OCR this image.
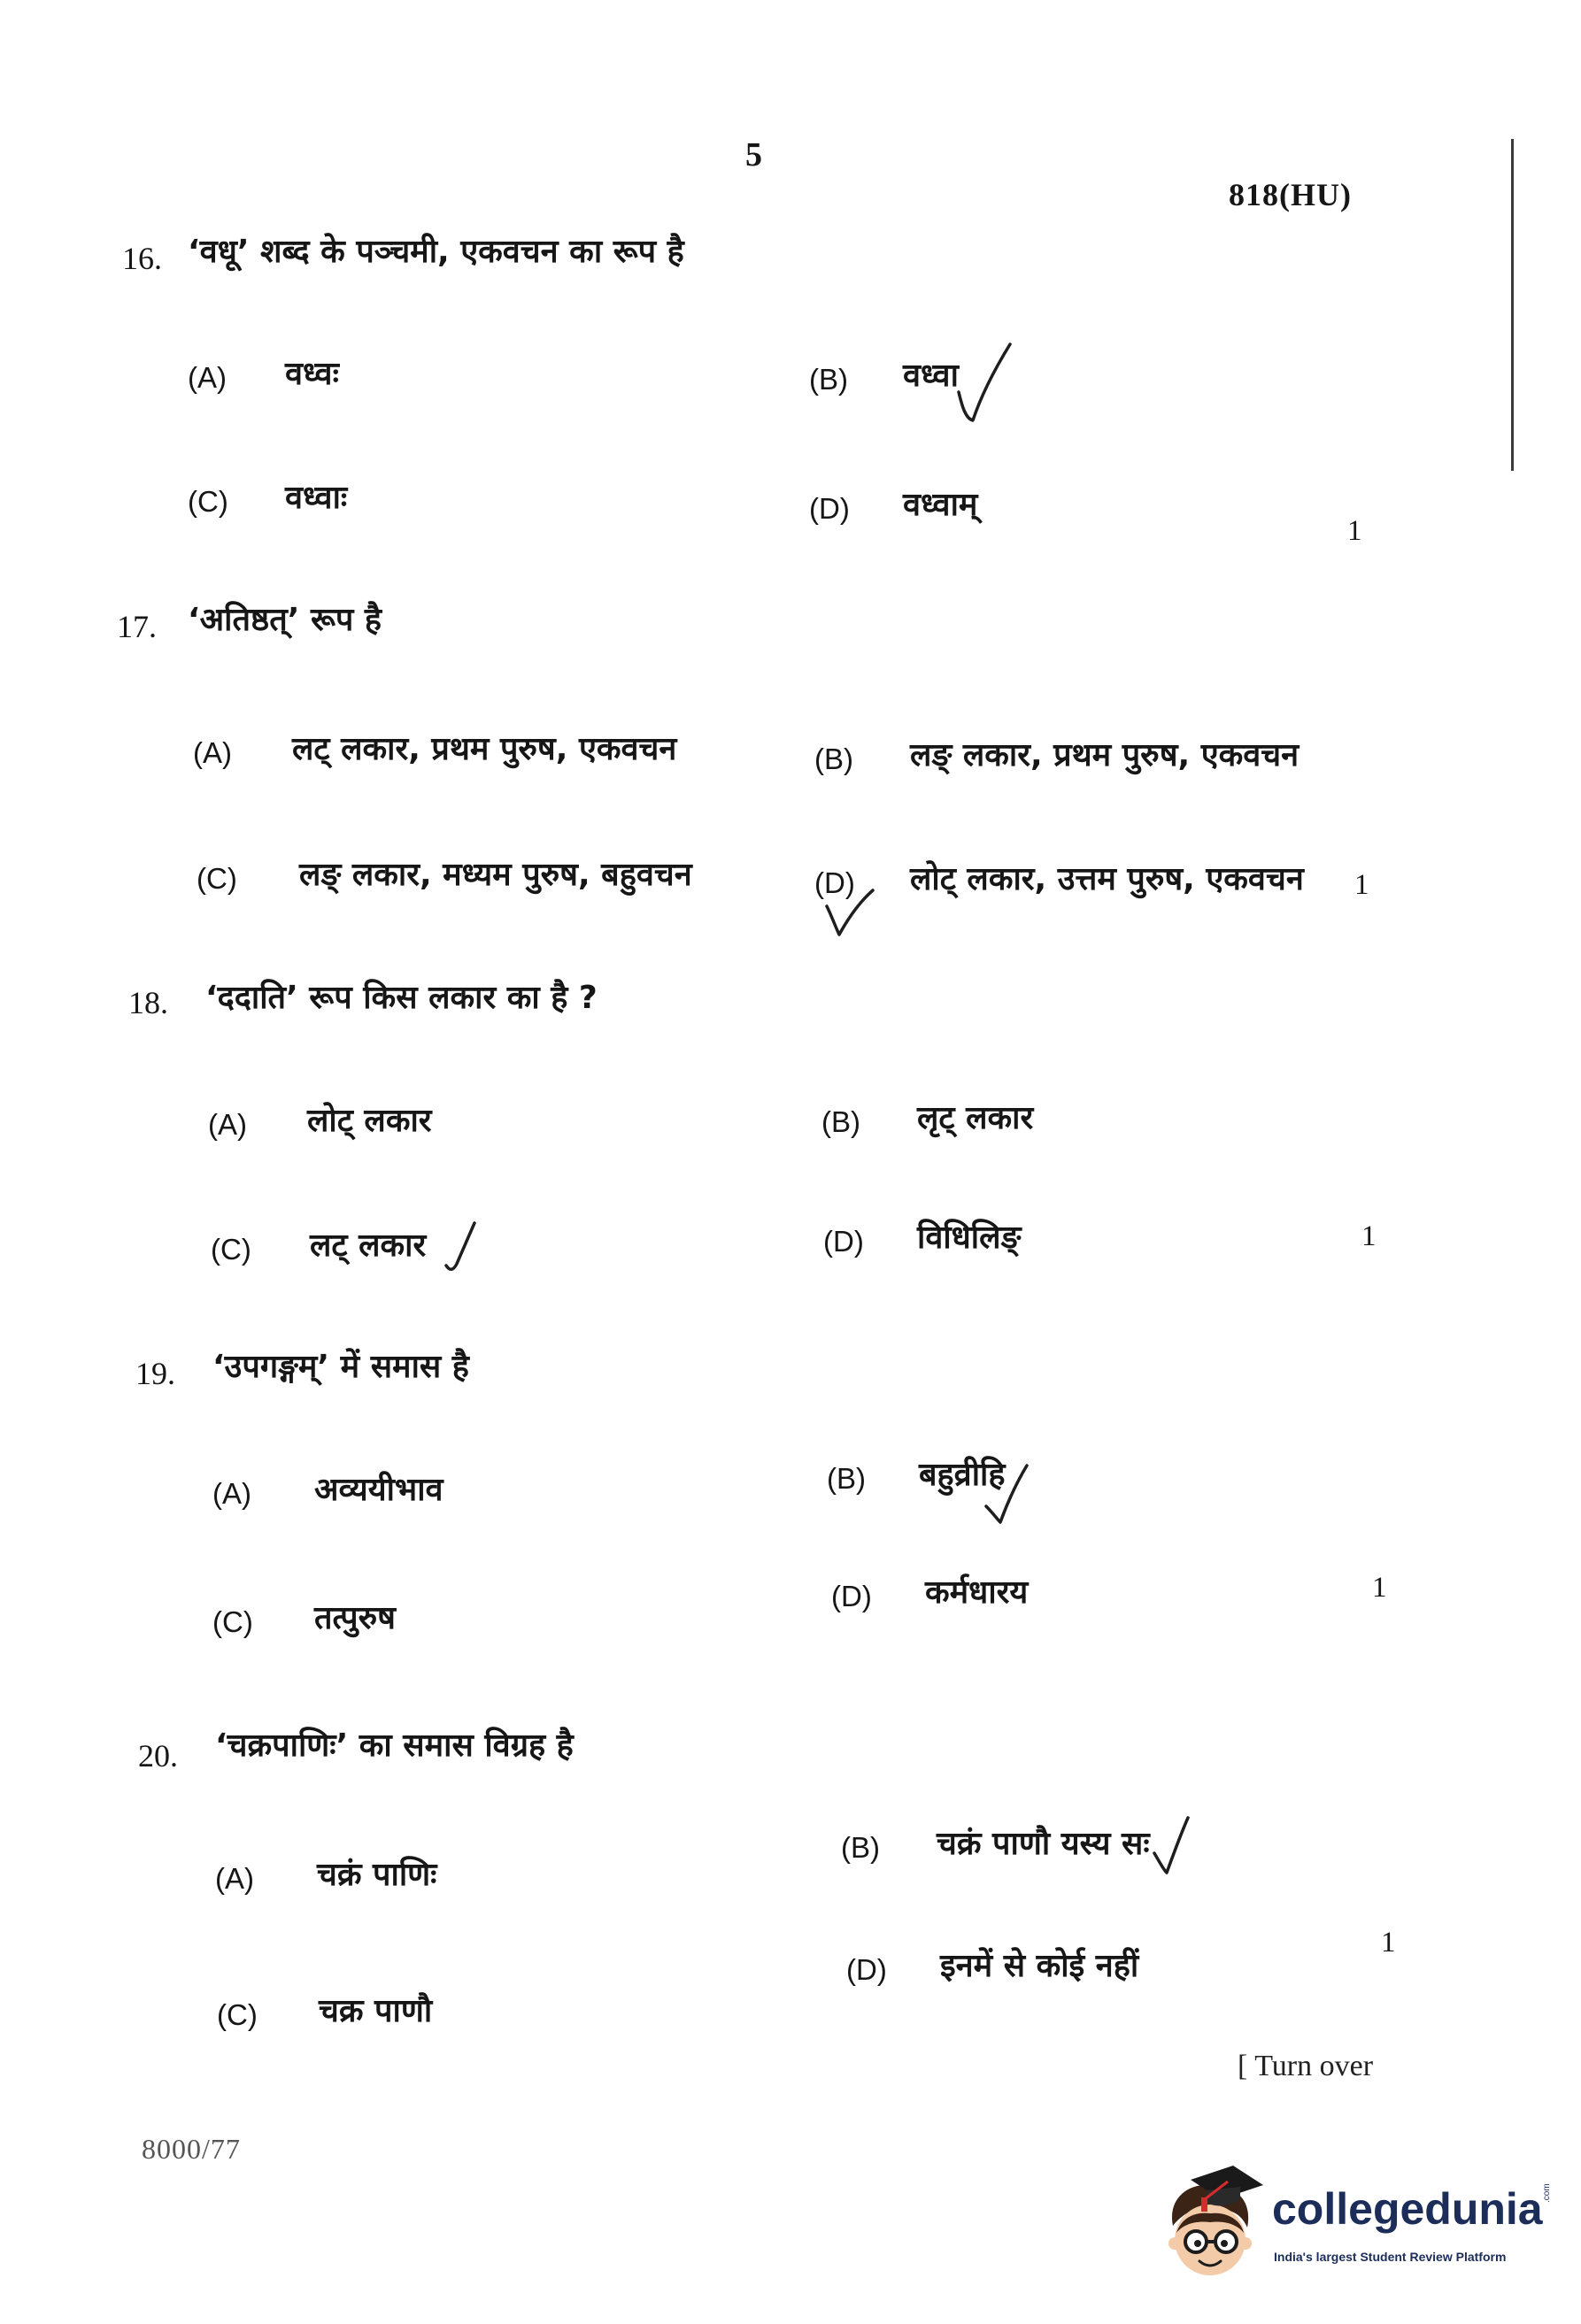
5
818(HU)
16. ‘वधू’ शब्द के पञ्चमी, एकवचन का रूप है
(A) वध्वः	(B) वध्वा
(C) वध्वाः	(D) वध्वाम्
1
17. ‘अतिष्ठत्’ रूप है
(A) लट् लकार, प्रथम पुरुष, एकवचन	(B) लङ् लकार, प्रथम पुरुष, एकवचन
(C) लङ् लकार, मध्यम पुरुष, बहुवचन	(D) लोट् लकार, उत्तम पुरुष, एकवचन 1
18. ‘ददाति’ रूप किस लकार का है ?
(A) लोट् लकार	(B) लृट् लकार
(C) लट् लकार	(D) विधिलिङ्	1
19. ‘उपगङ्गम्’ में समास है
(A) अव्ययीभाव	(B) बहुव्रीहि
(C) तत्पुरुष
(D) कर्मधारय	1
20. ‘चक्रपाणिः’ का समास विग्रह है
(A) चक्रं पाणिः
(B) चक्रं पाणौ यस्य सः
(C) चक्र पाणौ
(D) इनमें से कोई नहीं
1
[ Turn over
8000/77
collegedunia .com
India's largest Student Review Platform
